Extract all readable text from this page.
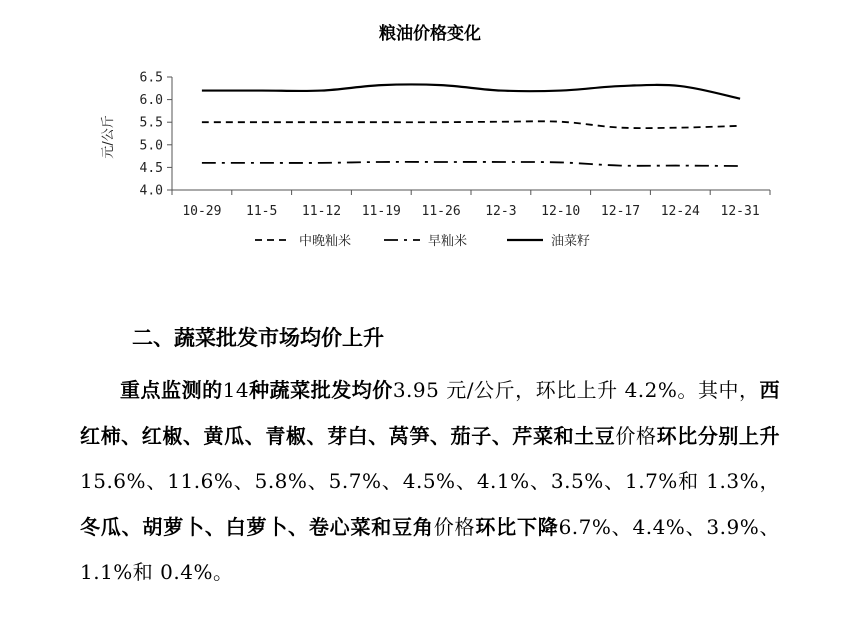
粮油价格变化
元/公斤
4.0
4.5
5.0
5.5
6.0
6.5
10-29 11-5 11-12 11-19 11-26 12-3 12-10 12-17 12-24 12-31
中晚籼米	早籼米	油菜籽
二、蔬菜批发市场均价上升
重点监测的14种蔬菜批发均价3.95 元/公斤，环比上升 4.2%。其中，西红柿、红椒、黄瓜、青椒、芽白、莴笋、茄子、芹菜和土豆价格环比分别上升15.6%、11.6%、5.8%、5.7%、4.5%、4.1%、3.5%、1.7%和 1.3%，冬瓜、胡萝卜、白萝卜、卷心菜和豆角价格环比下降6.7%、4.4%、3.9%、1.1%和 0.4%。
